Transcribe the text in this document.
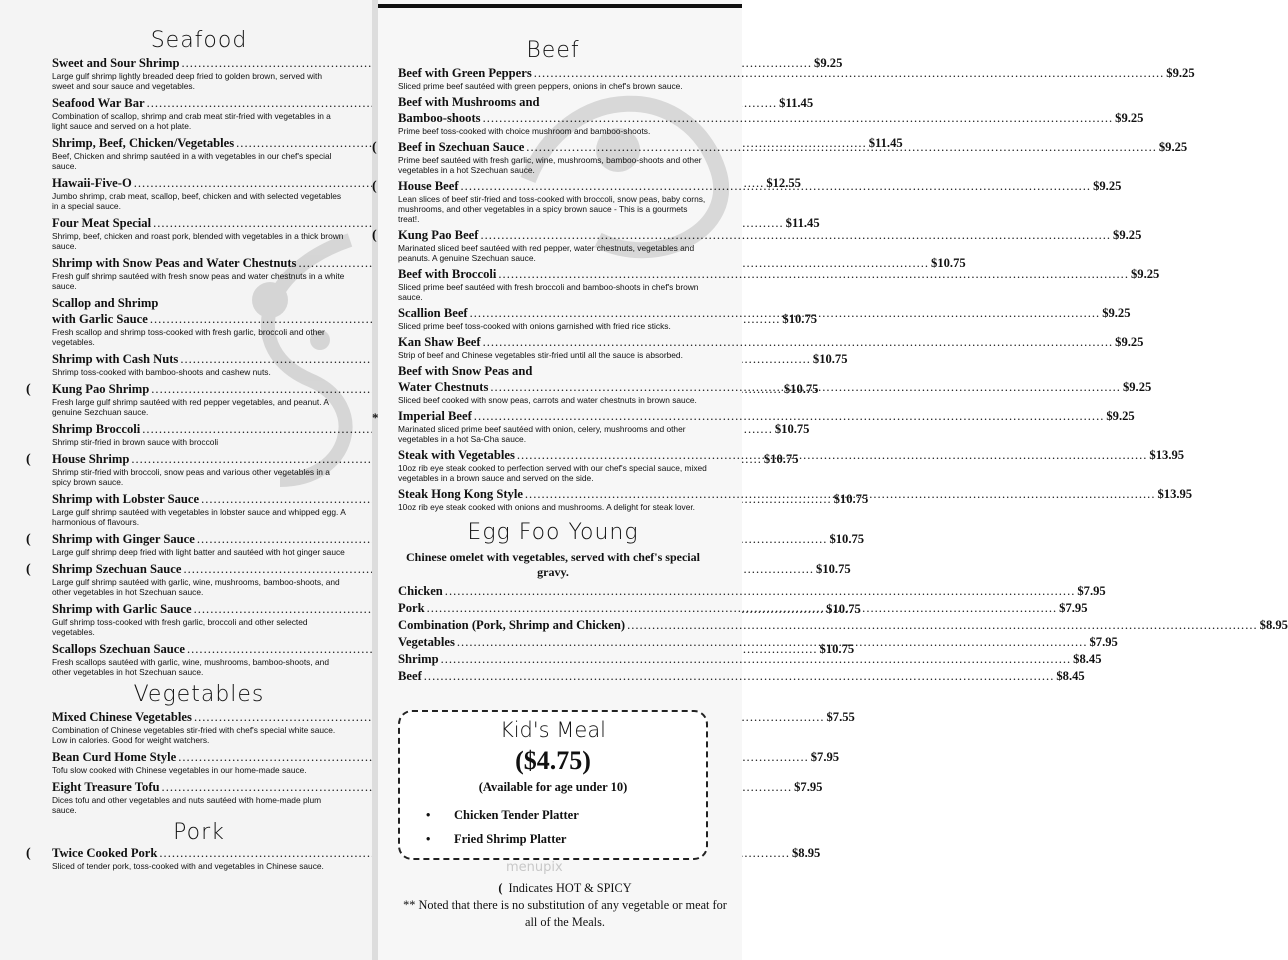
Seafood
Sweet and Sour Shrimp .....	$9.25
Large gulf shrimp lightly breaded deep fried to golden brown, served with sweet and sour sauce and vegetables.
Seafood War Bar .....	$11.45
Combination of scallop, shrimp and crab meat stir-fried with vegetables in a light sauce and served on a hot plate.
Shrimp, Beef, Chicken/Vegetables .....	$11.45
Beef, Chicken and shrimp sautéed in a with vegetables in our chef's special sauce.
Hawaii-Five-O .....	$12.55
Jumbo shrimp, crab meat, scallop, beef, chicken and with selected vegetables in a special sauce.
Four Meat Special .....	$11.45
Shrimp, beef, chicken and roast pork, blended with vegetables in a thick brown sauce.
Shrimp with Snow Peas and Water Chestnuts .....	$10.75
Fresh gulf shrimp sautéed with fresh snow peas and water chestnuts in a white sauce.
Scallop and Shrimp
with Garlic Sauce .....	$10.75
Fresh scallop and shrimp toss-cooked with fresh garlic, broccoli and other vegetables.
Shrimp with Cash Nuts .....	$10.75
Shrimp toss-cooked with bamboo-shoots and cashew nuts.
( Kung Pao Shrimp .....	$10.75
Fresh large gulf shrimp sautéed with red pepper vegetables, and peanut. A genuine Sezchuan sauce.
Shrimp Broccoli .....	$10.75
Shrimp stir-fried in brown sauce with broccoli
( House Shrimp .....	$10.75
Shrimp stir-fried with broccoli, snow peas and various other vegetables in a spicy brown sauce.
Shrimp with Lobster Sauce .....	$10.75
Large gulf shrimp sautéed with vegetables in lobster sauce and whipped egg. A harmonious of flavours.
( Shrimp with Ginger Sauce .....	$10.75
Large gulf shrimp deep fried with light batter and sautéed with hot ginger sauce
( Shrimp Szechuan Sauce .....	$10.75
Large gulf shrimp sautéed with garlic, wine, mushrooms, bamboo-shoots, and other vegetables in hot Szechuan sauce.
Shrimp with Garlic Sauce .....	$10.75
Gulf shrimp toss-cooked with fresh garlic, broccoli and other selected vegetables.
Scallops Szechuan Sauce .....	$10.75
Fresh scallops sautéed with garlic, wine, mushrooms, bamboo-shoots, and other vegetables in hot Szechuan sauce.
Vegetables
Mixed Chinese Vegetables .....	$7.55
Combination of Chinese vegetables stir-fried with chef's special white sauce. Low in calories. Good for weight watchers.
Bean Curd Home Style .....	$7.95
Tofu slow cooked with Chinese vegetables in our home-made sauce.
Eight Treasure Tofu .....	$7.95
Dices tofu and other vegetables and nuts sautéed with home-made plum sauce.
Pork
( Twice Cooked Pork .....	$8.95
Sliced of tender pork, toss-cooked with and vegetables in Chinese sauce.
Beef
Beef with Green Peppers .....	$9.25
Sliced prime beef sautéed with green peppers, onions in chef's brown sauce.
Beef with Mushrooms and
Bamboo-shoots .....	$9.25
Prime beef toss-cooked with choice mushroom and bamboo-shoots.
( Beef in Szechuan Sauce .....	$9.25
Prime beef sautéed with fresh garlic, wine, mushrooms, bamboo-shoots and other vegetables in a hot Szechuan sauce.
( House Beef .....	$9.25
Lean slices of beef stir-fried and toss-cooked with broccoli, snow peas, baby corns, mushrooms, and other vegetables in a spicy brown sauce - This is a gourmets treat!.
( Kung Pao Beef .....	$9.25
Marinated sliced beef sautéed with red pepper, water chestnuts, vegetables and peanuts. A genuine Szechuan sauce.
Beef with Broccoli .....	$9.25
Sliced prime beef sautéed with fresh broccoli and bamboo-shoots in chef's brown sauce.
Scallion Beef .....	$9.25
Sliced prime beef toss-cooked with onions garnished with fried rice sticks.
Kan Shaw Beef .....	$9.25
Strip of beef and Chinese vegetables stir-fried until all the sauce is absorbed.
Beef with Snow Peas and
Water Chestnuts .....	$9.25
Sliced beef cooked with snow peas, carrots and water chestnuts in brown sauce.
* Imperial Beef .....	$9.25
Marinated sliced prime beef sautéed with onion, celery, mushrooms and other vegetables in a hot Sa-Cha sauce.
Steak with Vegetables .....	$13.95
10oz rib eye steak cooked to perfection served with our chef's special sauce, mixed vegetables in a brown sauce and served on the side.
Steak Hong Kong Style .....	$13.95
10oz rib eye steak cooked with onions and mushrooms. A delight for steak lover.
Egg Foo Young
Chinese omelet with vegetables, served with chef's special gravy.
Chicken .....	$7.95
Pork .....	$7.95
Combination (Pork, Shrimp and Chicken) .....	$8.95
Vegetables .....	$7.95
Shrimp .....	$8.45
Beef .....	$8.45
Kid's Meal
($4.75)
(Available for age under 10)
• Chicken Tender Platter
• Fried Shrimp Platter
menupix
( Indicates HOT & SPICY
** Noted that there is no substitution of any vegetable or meat for all of the Meals.
